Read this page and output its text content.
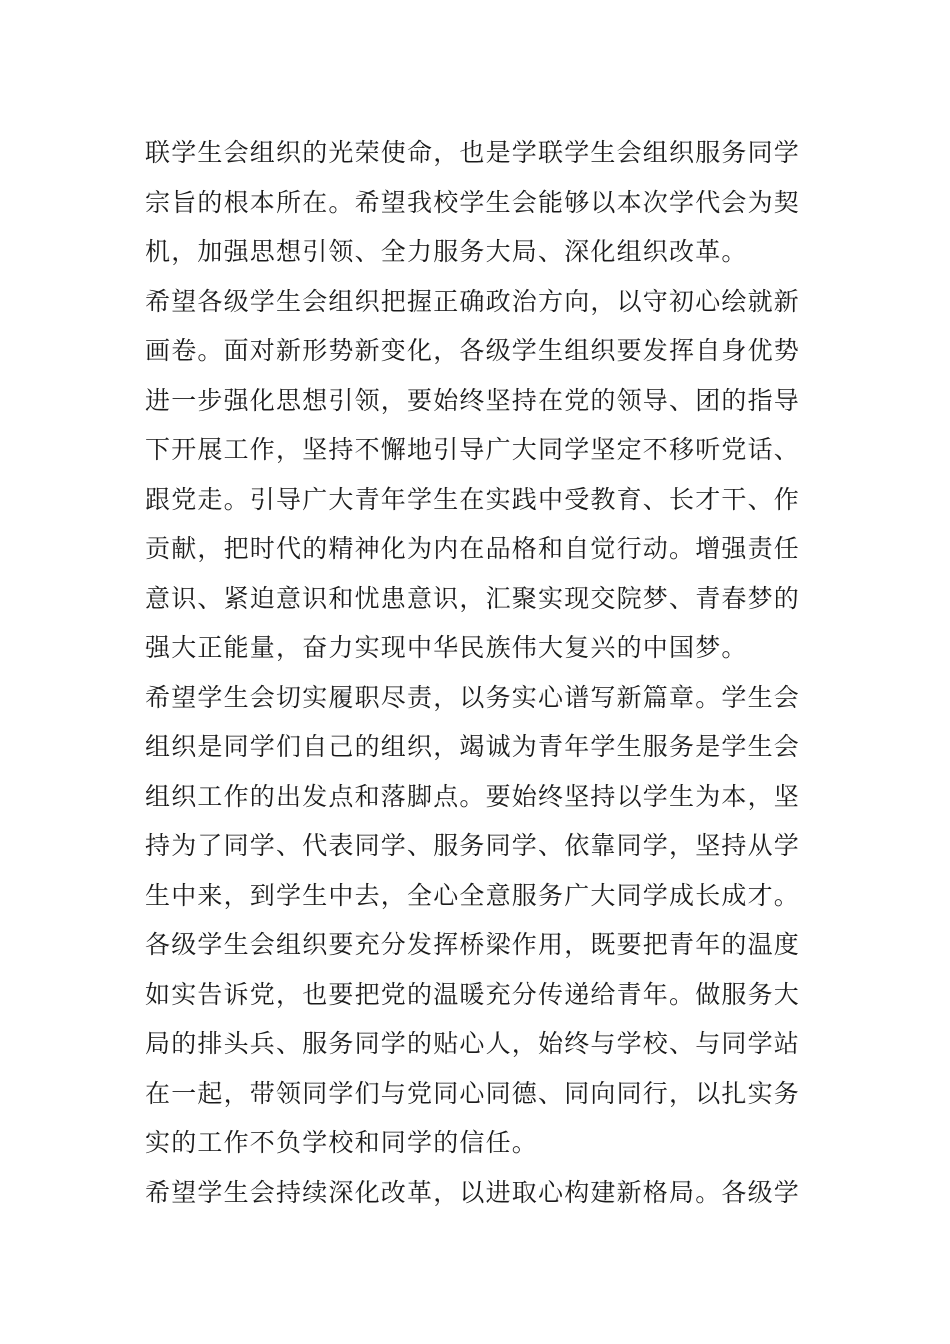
联学生会组织的光荣使命，也是学联学生会组织服务同学
宗旨的根本所在。希望我校学生会能够以本次学代会为契
机，加强思想引领、全力服务大局、深化组织改革。
希望各级学生会组织把握正确政治方向，以守初心绘就新
画卷。面对新形势新变化，各级学生组织要发挥自身优势
进一步强化思想引领，要始终坚持在党的领导、团的指导
下开展工作，坚持不懈地引导广大同学坚定不移听党话、
跟党走。引导广大青年学生在实践中受教育、长才干、作
贡献，把时代的精神化为内在品格和自觉行动。增强责任
意识、紧迫意识和忧患意识，汇聚实现交院梦、青春梦的
强大正能量，奋力实现中华民族伟大复兴的中国梦。
希望学生会切实履职尽责，以务实心谱写新篇章。学生会
组织是同学们自己的组织，竭诚为青年学生服务是学生会
组织工作的出发点和落脚点。要始终坚持以学生为本，坚
持为了同学、代表同学、服务同学、依靠同学，坚持从学
生中来，到学生中去，全心全意服务广大同学成长成才。
各级学生会组织要充分发挥桥梁作用，既要把青年的温度
如实告诉党，也要把党的温暖充分传递给青年。做服务大
局的排头兵、服务同学的贴心人，始终与学校、与同学站
在一起，带领同学们与党同心同德、同向同行，以扎实务
实的工作不负学校和同学的信任。
希望学生会持续深化改革，以进取心构建新格局。各级学
